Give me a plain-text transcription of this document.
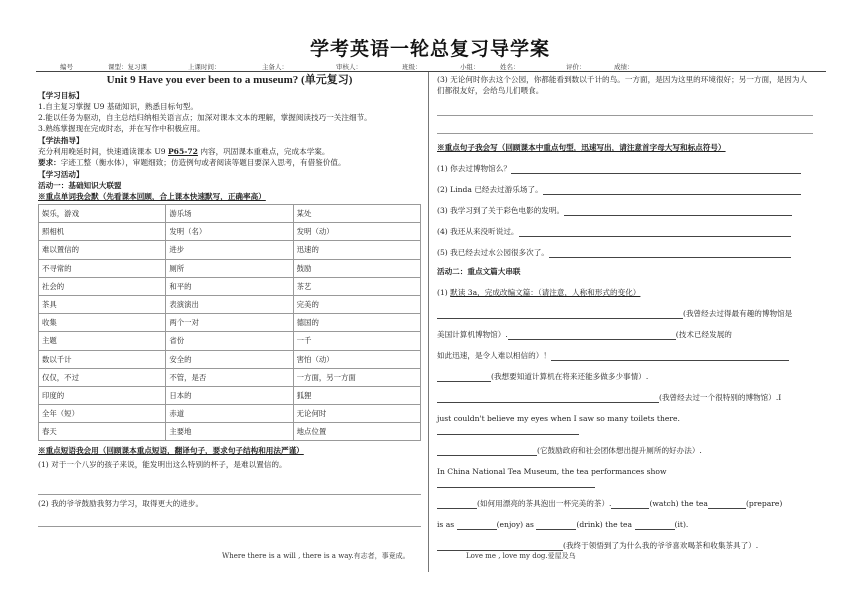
学考英语一轮总复习导学案
编号	课型：复习课	上课时间：	主备人：	审核人：	班级：	小组：	姓名：	评价：	成绩：
Unit 9 Have you ever been to a museum? (单元复习)
【学习目标】

1.自主复习掌握 U9 基础知识，熟悉目标句型。

2.能以任务为驱动，自主总结归纳相关语言点；加深对课本文本的理解，掌握阅读技巧一关注细节。

3.熟练掌握现在完成时态，并在写作中积极应用。

【学法指导】

充分利用晚延时间，快速通读课本 U9 P65-72 内容，巩固课本重难点，完成本学案。

要求：字迹工整（衡水体），审题细致；仿造例句或者阅读等题目要深入思考，有借鉴价值。

【学习活动】
活动一：基础知识大联盟
※重点单词我会默（先看课本回顾，合上课本快速默写，正确率高）
娱乐，游戏	游乐场	某处
照相机	发明（名）	发明（动）
难以置信的	进步	迅速的
不寻常的	厕所	鼓励
社会的	和平的	茶艺
茶具	表演演出	完美的
收集	两个一对	德国的
主题	省份	一千
数以千计	安全的	害怕（动）
仅仅，不过	不管，是否	一方面，另一方面
印度的	日本的	狐狸
全年（短）	赤道	无论何时
春天	主要地	地点位置
※重点短语我会用（回顾课本重点短语，翻译句子，要求句子结构和用法严谨）

(1) 对于一个八岁的孩子来说，能发明出这么特别的杯子，是难以置信的。

(2) 我的爷爷鼓励我努力学习，取得更大的进步。

(3) 无论何时你去这个公园，你都能看到数以千计的鸟。一方面，是因为这里的环境很好；另一方面，是因为人们都很友好，会给鸟儿们喂食。

※重点句子我会写（回顾课本中重点句型，迅速写出，请注意首字母大写和标点符号）
(1) 你去过博物馆么？
(2) Linda 已经去过游乐场了。
(3) 我学习到了关于彩色电影的发明。
(4) 我还从来没听说过。
(5) 我已经去过水公园很多次了。
活动二：重点文篇大串联
(1) 默读 3a，完成改编文篇：（请注意，人称和形式的变化）
(我曾经去过得最有趣的博物馆是
美国计算机博物馆）.	(技术已经发展的
如此迅速，是令人难以相信的）！
(我想要知道计算机在将来还能多做多少事情）.
(我曾经去过一个很特别的博物馆）.I
just couldn't believe my eyes when I saw so many toilets there.
(它鼓励政府和社会团体想出提升厕所的好办法）.
In China National Tea Museum, the tea performances show
(如何用漂亮的茶具泡出一杯完美的茶）.	(watch) the tea	(prepare)
is as	(enjoy) as	(drink) the tea	(it).
(我终于领悟到了为什么我的爷爷喜欢喝茶和收集茶具了）.
Where there is a will , there is a way.有志者，事竟成。	Love me , love my dog.爱屋及乌
